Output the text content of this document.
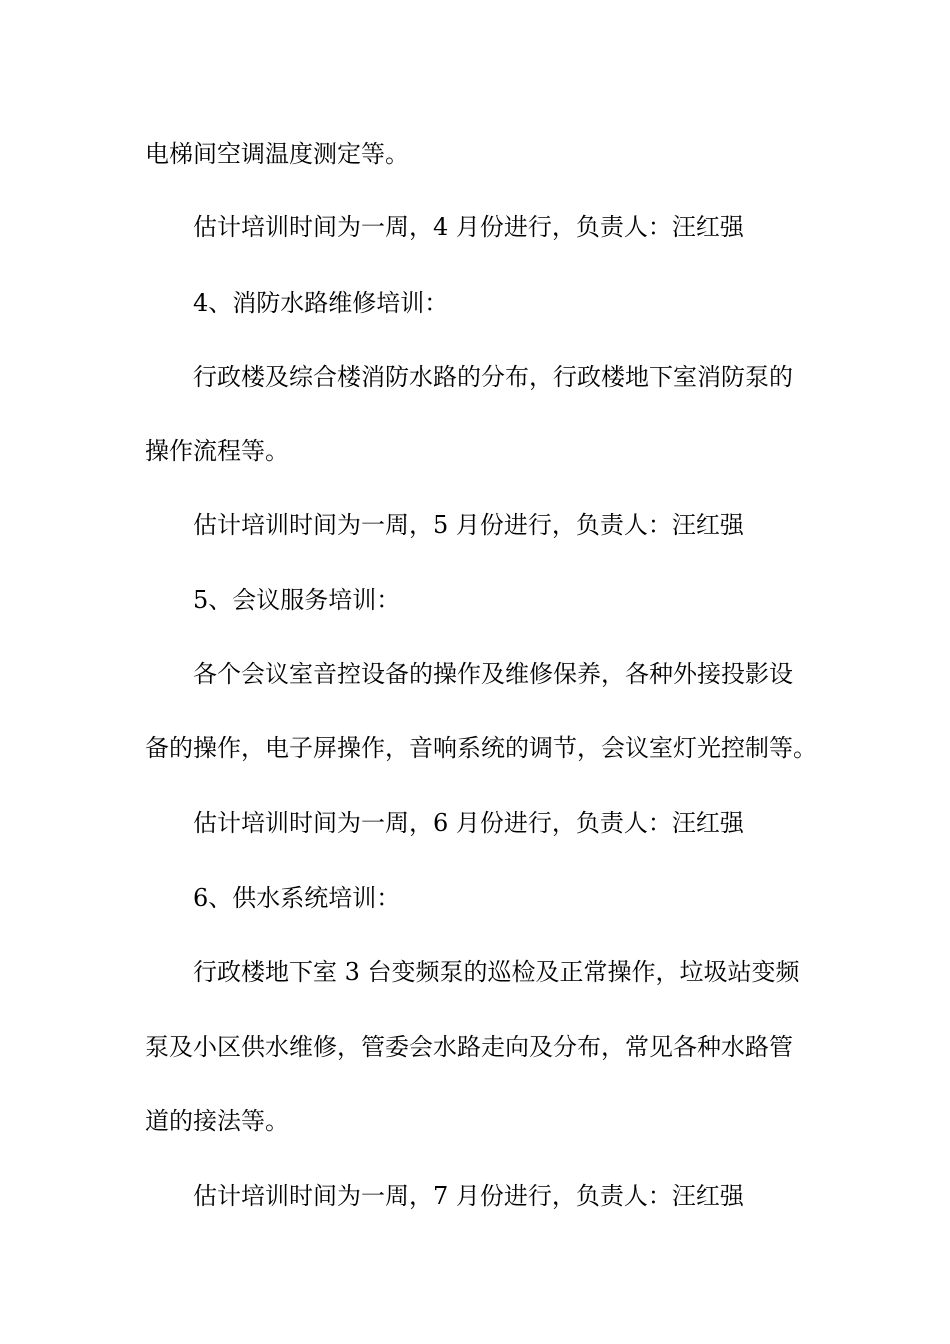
电梯间空调温度测定等。
估计培训时间为一周，4 月份进行，负责人：汪红强
4、消防水路维修培训：
行政楼及综合楼消防水路的分布，行政楼地下室消防泵的
操作流程等。
估计培训时间为一周，5 月份进行，负责人：汪红强
5、会议服务培训：
各个会议室音控设备的操作及维修保养，各种外接投影设
备的操作，电子屏操作，音响系统的调节，会议室灯光控制等。
估计培训时间为一周，6 月份进行，负责人：汪红强
6、供水系统培训：
行政楼地下室 3 台变频泵的巡检及正常操作，垃圾站变频
泵及小区供水维修，管委会水路走向及分布，常见各种水路管
道的接法等。
估计培训时间为一周，7 月份进行，负责人：汪红强
